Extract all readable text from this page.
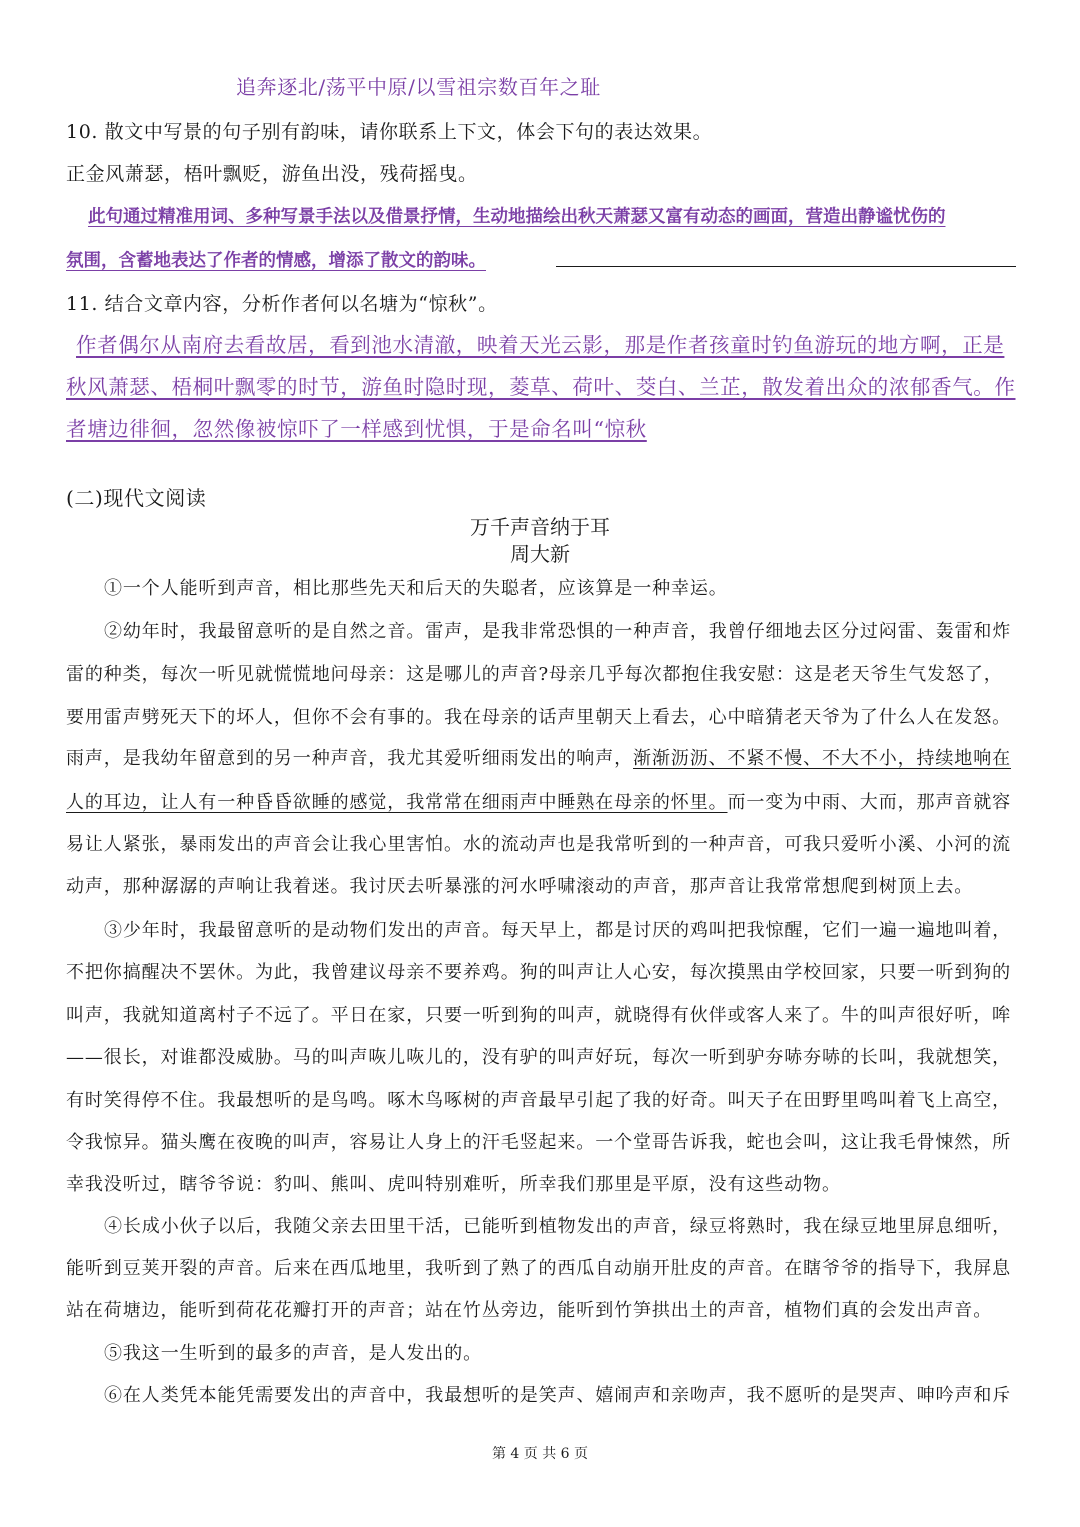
追奔逐北/荡平中原/以雪祖宗数百年之耻
10. 散文中写景的句子别有韵味，请你联系上下文，体会下句的表达效果。
正金风萧瑟，梧叶飘贬，游鱼出没，残荷摇曳。
此句通过精准用词、多种写景手法以及借景抒情，生动地描绘出秋天萧瑟又富有动态的画面，营造出静谧忧伤的
氛围，含蓄地表达了作者的情感，增添了散文的韵味。
11. 结合文章内容，分析作者何以名塘为“惊秋”。
作者偶尔从南府去看故居，看到池水清澈，映着天光云影，那是作者孩童时钓鱼游玩的地方啊，正是
秋风萧瑟、梧桐叶飘零的时节，游鱼时隐时现，菱草、荷叶、茭白、兰芷，散发着出众的浓郁香气。作
者塘边徘徊，忽然像被惊吓了一样感到忧惧，于是命名叫“惊秋
(二)现代文阅读
万千声音纳于耳
周大新
①一个人能听到声音，相比那些先天和后天的失聪者，应该算是一种幸运。
②幼年时，我最留意听的是自然之音。雷声，是我非常恐惧的一种声音，我曾仔细地去区分过闷雷、轰雷和炸
雷的种类，每次一听见就慌慌地问母亲：这是哪儿的声音?母亲几乎每次都抱住我安慰：这是老天爷生气发怒了，
要用雷声劈死天下的坏人，但你不会有事的。我在母亲的话声里朝天上看去，心中暗猜老天爷为了什么人在发怒。
雨声，是我幼年留意到的另一种声音，我尤其爱听细雨发出的响声，渐渐沥沥、不紧不慢、不大不小，持续地响在
人的耳边，让人有一种昏昏欲睡的感觉，我常常在细雨声中睡熟在母亲的怀里。而一变为中雨、大而，那声音就容
易让人紧张，暴雨发出的声音会让我心里害怕。水的流动声也是我常听到的一种声音，可我只爱听小溪、小河的流
动声，那种潺潺的声响让我着迷。我讨厌去听暴涨的河水呼啸滚动的声音，那声音让我常常想爬到树顶上去。
③少年时，我最留意听的是动物们发出的声音。每天早上，都是讨厌的鸡叫把我惊醒，它们一遍一遍地叫着，
不把你搞醒决不罢休。为此，我曾建议母亲不要养鸡。狗的叫声让人心安，每次摸黑由学校回家，只要一听到狗的
叫声，我就知道离村子不远了。平日在家，只要一听到狗的叫声，就晓得有伙伴或客人来了。牛的叫声很好听，哞
——很长，对谁都没威胁。马的叫声咴儿咴儿的，没有驴的叫声好玩，每次一听到驴夯哧夯哧的长叫，我就想笑，
有时笑得停不住。我最想听的是鸟鸣。啄木鸟啄树的声音最早引起了我的好奇。叫天子在田野里鸣叫着飞上高空，
令我惊异。猫头鹰在夜晚的叫声，容易让人身上的汗毛竖起来。一个堂哥告诉我，蛇也会叫，这让我毛骨悚然，所
幸我没听过，瞎爷爷说：豹叫、熊叫、虎叫特别难听，所幸我们那里是平原，没有这些动物。
④长成小伙子以后，我随父亲去田里干活，已能听到植物发出的声音，绿豆将熟时，我在绿豆地里屏息细听，
能听到豆荚开裂的声音。后来在西瓜地里，我听到了熟了的西瓜自动崩开肚皮的声音。在瞎爷爷的指导下，我屏息
站在荷塘边，能听到荷花花瓣打开的声音；站在竹丛旁边，能听到竹笋拱出土的声音，植物们真的会发出声音。
⑤我这一生听到的最多的声音，是人发出的。
⑥在人类凭本能凭需要发出的声音中，我最想听的是笑声、嬉闹声和亲吻声，我不愿听的是哭声、呻吟声和斥
第 4 页 共 6 页
